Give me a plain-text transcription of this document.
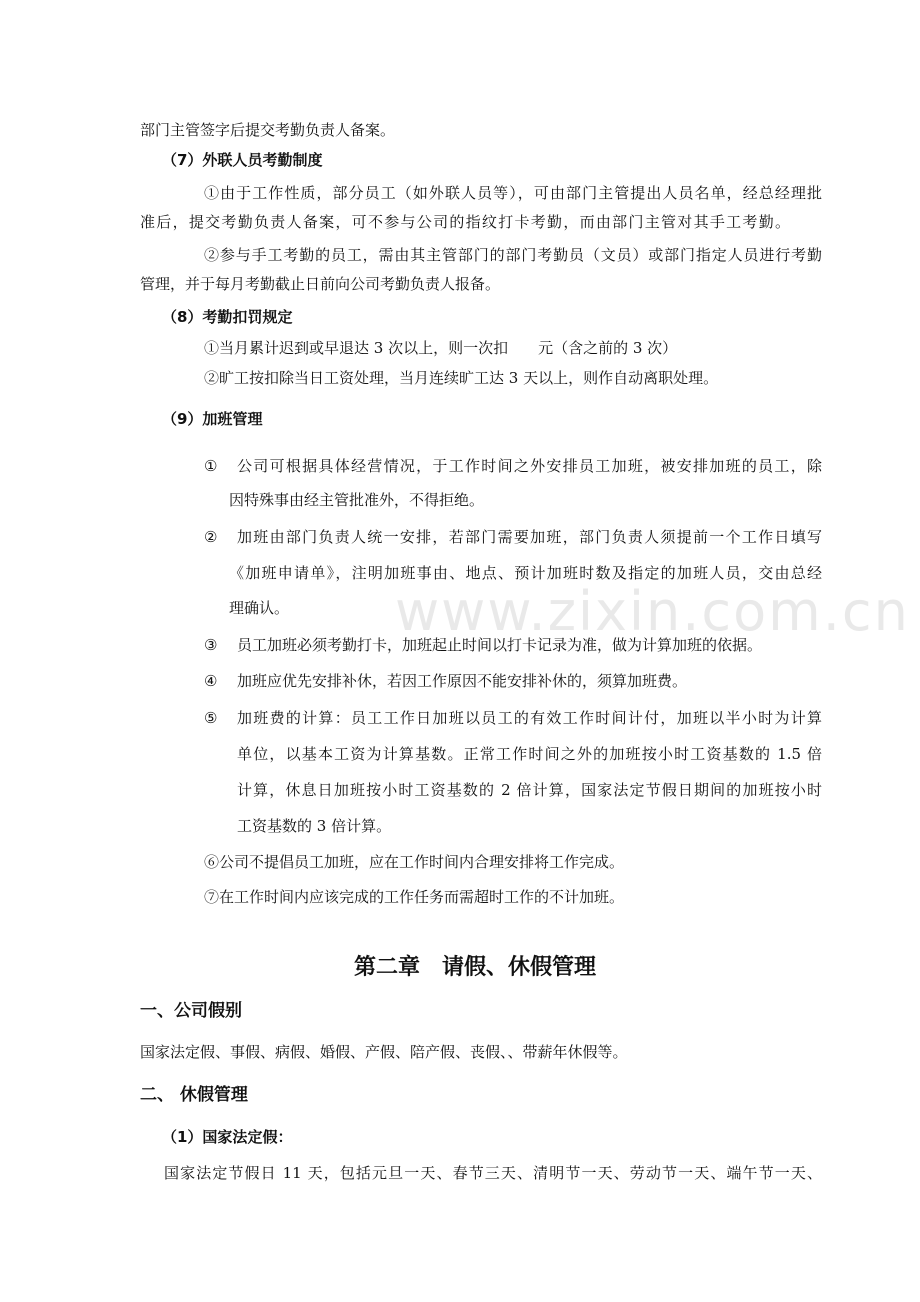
www.zixin.com.cn
部门主管签字后提交考勤负责人备案。
（7）外联人员考勤制度
①由于工作性质，部分员工（如外联人员等），可由部门主管提出人员名单，经总经理批
准后，提交考勤负责人备案，可不参与公司的指纹打卡考勤，而由部门主管对其手工考勤。
②参与手工考勤的员工，需由其主管部门的部门考勤员（文员）或部门指定人员进行考勤
管理，并于每月考勤截止日前向公司考勤负责人报备。
（8）考勤扣罚规定
①当月累计迟到或早退达 3 次以上，则一次扣　　元（含之前的 3 次）
②旷工按扣除当日工资处理，当月连续旷工达 3 天以上，则作自动离职处理。
（9）加班管理
① 公司可根据具体经营情况，于工作时间之外安排员工加班，被安排加班的员工，除
因特殊事由经主管批准外，不得拒绝。
② 加班由部门负责人统一安排，若部门需要加班，部门负责人须提前一个工作日填写
《加班申请单》，注明加班事由、地点、预计加班时数及指定的加班人员，交由总经
理确认。
③ 员工加班必须考勤打卡，加班起止时间以打卡记录为准，做为计算加班的依据。
④ 加班应优先安排补休，若因工作原因不能安排补休的，须算加班费。
⑤ 加班费的计算：员工工作日加班以员工的有效工作时间计付，加班以半小时为计算
单位，以基本工资为计算基数。正常工作时间之外的加班按小时工资基数的 1.5 倍
计算，休息日加班按小时工资基数的 2 倍计算，国家法定节假日期间的加班按小时
工资基数的 3 倍计算。
⑥公司不提倡员工加班，应在工作时间内合理安排将工作完成。
⑦在工作时间内应该完成的工作任务而需超时工作的不计加班。
第二章　请假、休假管理
一、公司假别
国家法定假、事假、病假、婚假、产假、陪产假、丧假、、带薪年休假等。
二、 休假管理
（1）国家法定假：
国家法定节假日 11 天，包括元旦一天、春节三天、清明节一天、劳动节一天、端午节一天、
